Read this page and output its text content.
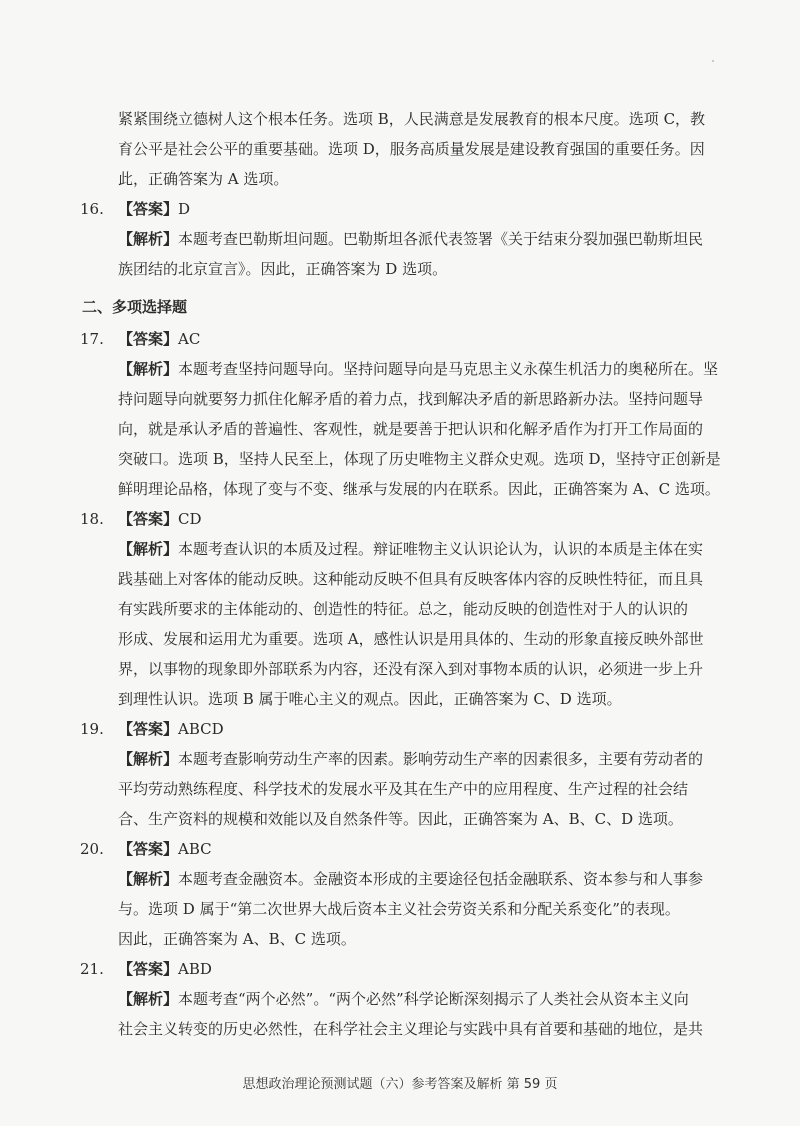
紧紧围绕立德树人这个根本任务。选项 B，人民满意是发展教育的根本尺度。选项 C，教
育公平是社会公平的重要基础。选项 D，服务高质量发展是建设教育强国的重要任务。因
此，正确答案为 A 选项。
16. 【答案】D
【解析】本题考查巴勒斯坦问题。巴勒斯坦各派代表签署《关于结束分裂加强巴勒斯坦民
族团结的北京宣言》。因此，正确答案为 D 选项。
二、多项选择题
17. 【答案】AC
【解析】本题考查坚持问题导向。坚持问题导向是马克思主义永葆生机活力的奥秘所在。坚
持问题导向就要努力抓住化解矛盾的着力点，找到解决矛盾的新思路新办法。坚持问题导
向，就是承认矛盾的普遍性、客观性，就是要善于把认识和化解矛盾作为打开工作局面的
突破口。选项 B，坚持人民至上，体现了历史唯物主义群众史观。选项 D，坚持守正创新是
鲜明理论品格，体现了变与不变、继承与发展的内在联系。因此，正确答案为 A、C 选项。
18. 【答案】CD
【解析】本题考查认识的本质及过程。辩证唯物主义认识论认为，认识的本质是主体在实
践基础上对客体的能动反映。这种能动反映不但具有反映客体内容的反映性特征，而且具
有实践所要求的主体能动的、创造性的特征。总之，能动反映的创造性对于人的认识的
形成、发展和运用尤为重要。选项 A，感性认识是用具体的、生动的形象直接反映外部世
界，以事物的现象即外部联系为内容，还没有深入到对事物本质的认识，必须进一步上升
到理性认识。选项 B 属于唯心主义的观点。因此，正确答案为 C、D 选项。
19. 【答案】ABCD
【解析】本题考查影响劳动生产率的因素。影响劳动生产率的因素很多，主要有劳动者的
平均劳动熟练程度、科学技术的发展水平及其在生产中的应用程度、生产过程的社会结
合、生产资料的规模和效能以及自然条件等。因此，正确答案为 A、B、C、D 选项。
20. 【答案】ABC
【解析】本题考查金融资本。金融资本形成的主要途径包括金融联系、资本参与和人事参
与。选项 D 属于“第二次世界大战后资本主义社会劳资关系和分配关系变化”的表现。
因此，正确答案为 A、B、C 选项。
21. 【答案】ABD
【解析】本题考查“两个必然”。“两个必然”科学论断深刻揭示了人类社会从资本主义向
社会主义转变的历史必然性，在科学社会主义理论与实践中具有首要和基础的地位，是共
思想政治理论预测试题（六）参考答案及解析 第 59 页
